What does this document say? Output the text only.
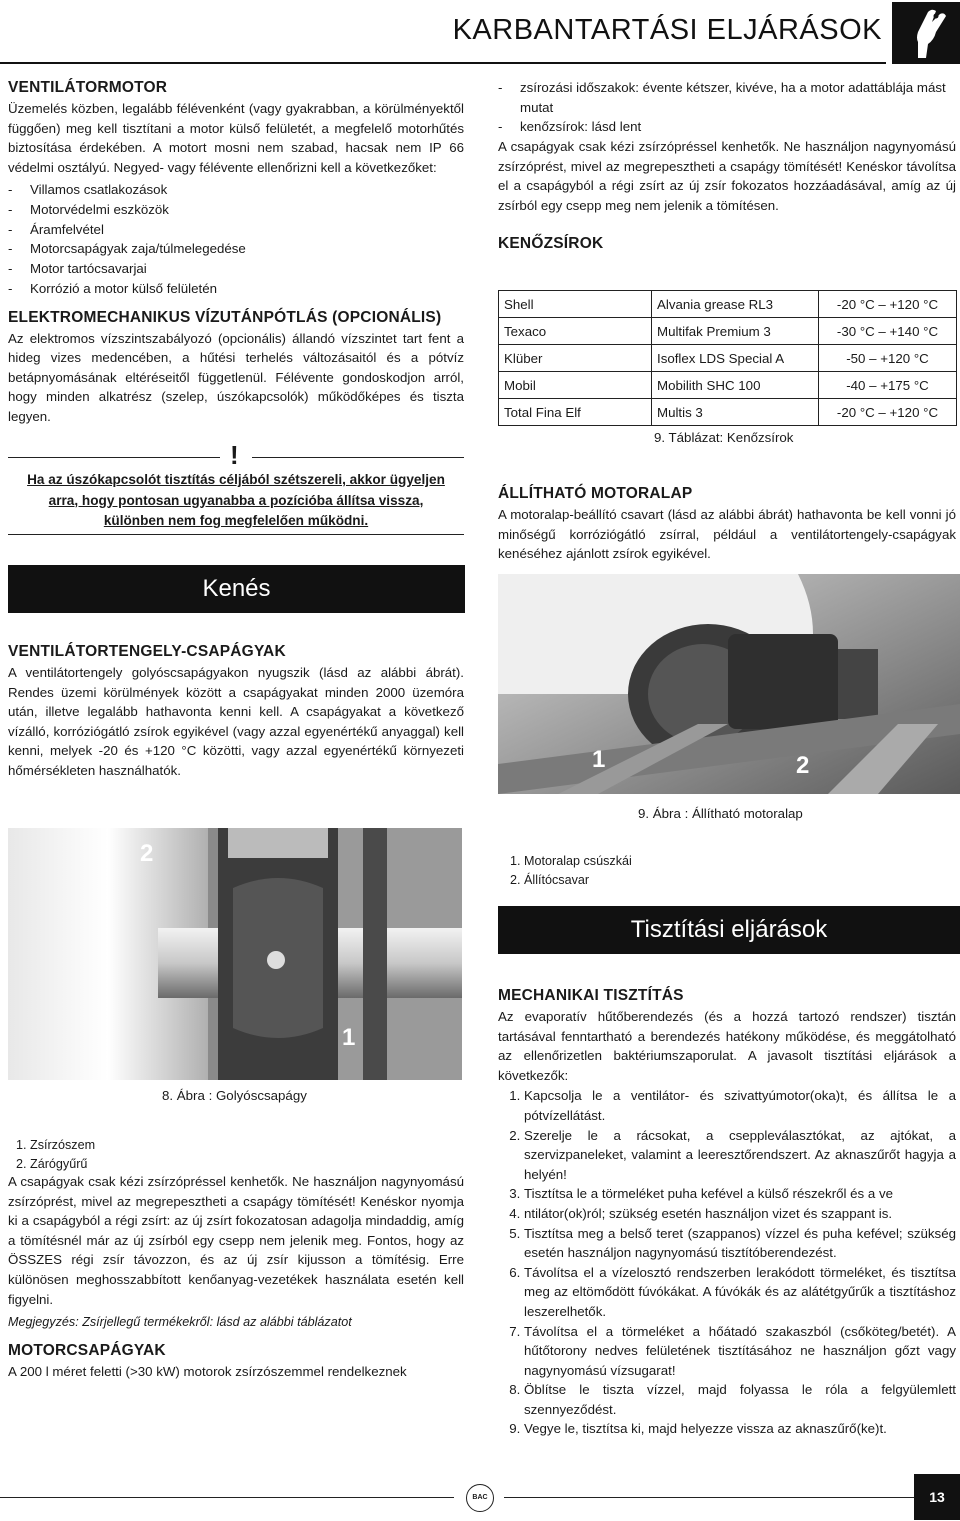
KARBANTARTÁSI ELJÁRÁSOK
VENTILÁTORMOTOR

Üzemelés közben, legalább félévenként (vagy gyakrabban, a körülményektől függően) meg kell tisztítani a motor külső felületét, a megfelelő motorhűtés biztosítása érdekében. A motort mosni nem szabad, hacsak nem IP 66 védelmi osztályú. Negyed- vagy félévente ellenőrizni kell a következőket:

- Villamos csatlakozások
- Motorvédelmi eszközök
- Áramfelvétel
- Motorcsapágyak zaja/túlmelegedése
- Motor tartócsavarjai
- Korrózió a motor külső felületén
ELEKTROMECHANIKUS VÍZUTÁNPÓTLÁS (OPCIONÁLIS)

Az elektromos vízszintszabályozó (opcionális) állandó vízszintet tart fent a hideg vizes medencében, a hűtési terhelés változásaitól és a pótvíz betápnyomásának eltéréseitől függetlenül. Félévente gondoskodjon arról, hogy minden alkatrész (szelep, úszókapcsolók) működőképes és tiszta legyen.

!
Ha az úszókapcsolót tisztítás céljából szétszereli, akkor ügyeljen arra, hogy pontosan ugyanabba a pozícióba állítsa vissza, különben nem fog megfelelően működni.
Kenés
- zsírozási időszakok: évente kétszer, kivéve, ha a motor adattáblája mást mutat
- kenőzsírok: lásd lent

A csapágyak csak kézi zsírzópréssel kenhetők. Ne használjon nagynyomású zsírzóprést, mivel az megrepesztheti a csapágy tömítését! Kenéskor távolítsa el a csapágyból a régi zsírt az új zsír fokozatos hozzáadásával, amíg az új zsírból egy csepp meg nem jelenik a tömítésen.

KENŐZSÍROK
Shell	Alvania grease RL3	-20 °C – +120 °C
Texaco	Multifak Premium 3	-30 °C – +140 °C
Klüber	Isoflex LDS Special A	-50 – +120 °C
Mobil	Mobilith SHC 100	-40 – +175 °C
Total Fina Elf	Multis 3	-20 °C – +120 °C
9. Táblázat: Kenőzsírok
ÁLLÍTHATÓ MOTORALAP

A motoralap-beállító csavart (lásd az alábbi ábrát) hathavonta be kell vonni jó minőségű korróziógátló zsírral, például a ventilátortengely-csapágyak kenéséhez ajánlott zsírok egyikével.

1	2
9. Ábra : Állítható motoralap
VENTILÁTORTENGELY-CSAPÁGYAK

A ventilátortengely golyóscsapágyakon nyugszik (lásd az alábbi ábrát). Rendes üzemi körülmények között a csapágyakat minden 2000 üzemóra után, illetve legalább hathavonta kenni kell. A csapágyakat a következő vízálló, korróziógátló zsírok egyikével (vagy azzal egyenértékű anyaggal) kell kenni, melyek -20 és +120 °C közötti, vagy azzal egyenértékű környezeti hőmérsékleten használhatók.

2
1
8. Ábra : Golyóscsapágy
1. Zsírzószem
2. Zárógyűrű

A csapágyak csak kézi zsírzópréssel kenhetők. Ne használjon nagynyomású zsírzóprést, mivel az megrepesztheti a csapágy tömítését! Kenéskor nyomja ki a csapágyból a régi zsírt: az új zsírt fokozatosan adagolja mindaddig, amíg a tömítésnél már az új zsírból egy csepp nem jelenik meg. Fontos, hogy az ÖSSZES régi zsír távozzon, és az új zsír kijusson a tömítésig. Erre különösen meghosszabbított kenőanyag-vezetékek használata esetén kell figyelni.

Megjegyzés: Zsírjellegű termékekről: lásd az alábbi táblázatot

MOTORCSAPÁGYAK

A 200 l méret feletti (>30 kW) motorok zsírzószemmel rendelkeznek

1. Motoralap csúszkái
2. Állítócsavar
Tisztítási eljárások
MECHANIKAI TISZTÍTÁS

Az evaporatív hűtőberendezés (és a hozzá tartozó rendszer) tisztán tartásával fenntartható a berendezés hatékony működése, és meggátolható az ellenőrizetlen baktériumszaporulat. A javasolt tisztítási eljárások a következők:

1. Kapcsolja le a ventilátor- és szivattyúmotor(oka)t, és állítsa le a pótvízellátást.
2. Szerelje le a rácsokat, a cseppleválasztókat, az ajtókat, a szervizpaneleket, valamint a leeresztőrendszert. Az aknaszűrőt hagyja a helyén!
3. Tisztítsa le a törmeléket puha kefével a külső részekről és a ve
4. ntilátor(ok)ról; szükség esetén használjon vizet és szappant is.
5. Tisztítsa meg a belső teret (szappanos) vízzel és puha kefével; szükség esetén használjon nagynyomású tisztítóberendezést.
6. Távolítsa el a vízelosztó rendszerben lerakódott törmeléket, és tisztítsa meg az eltömődött fúvókákat. A fúvókák és az alátétgyűrűk a tisztításhoz leszerelhetők.
7. Távolítsa el a törmeléket a hőátadó szakaszból (csőköteg/betét). A hűtőtorony nedves felületének tisztításához ne használjon gőzt vagy nagynyomású vízsugarat!
8. Öblítse le tiszta vízzel, majd folyassa le róla a felgyülemlett szennyeződést.
9. Vegye le, tisztítsa ki, majd helyezze vissza az aknaszűrő(ke)t.
BAC	13
